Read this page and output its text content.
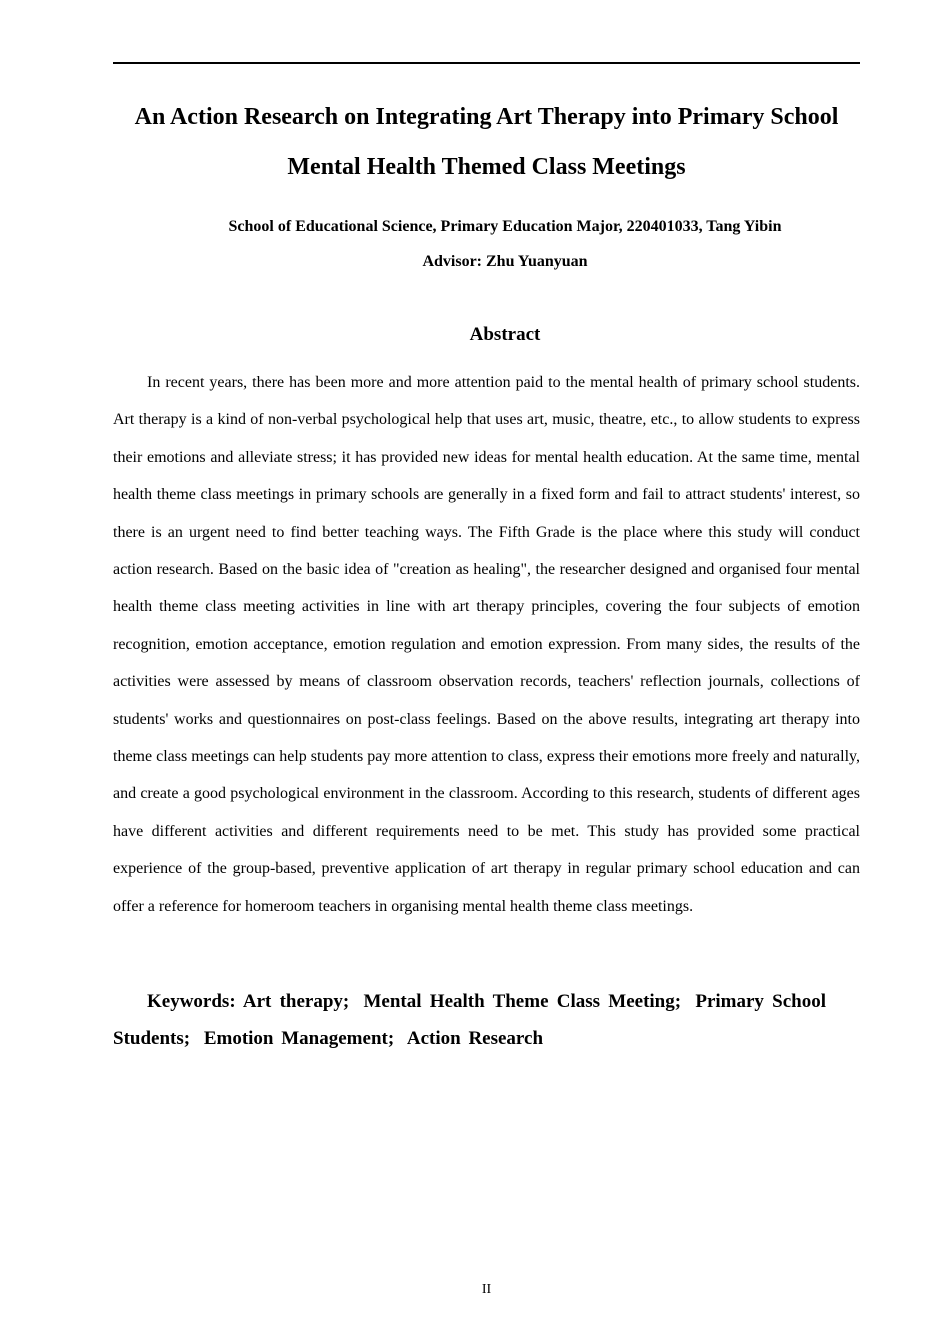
An Action Research on Integrating Art Therapy into Primary School
Mental Health Themed Class Meetings
School of Educational Science, Primary Education Major, 220401033, Tang Yibin
Advisor: Zhu Yuanyuan
Abstract

In recent years, there has been more and more attention paid to the mental health of primary school students. Art therapy is a kind of non-verbal psychological help that uses art, music, theatre, etc., to allow students to express their emotions and alleviate stress; it has provided new ideas for mental health education. At the same time, mental health theme class meetings in primary schools are generally in a fixed form and fail to attract students' interest, so there is an urgent need to find better teaching ways. The Fifth Grade is the place where this study will conduct action research. Based on the basic idea of "creation as healing", the researcher designed and organised four mental health theme class meeting activities in line with art therapy principles, covering the four subjects of emotion recognition, emotion acceptance, emotion regulation and emotion expression. From many sides, the results of the activities were assessed by means of classroom observation records, teachers' reflection journals, collections of students' works and questionnaires on post-class feelings. Based on the above results, integrating art therapy into theme class meetings can help students pay more attention to class, express their emotions more freely and naturally, and create a good psychological environment in the classroom. According to this research, students of different ages have different activities and different requirements need to be met. This study has provided some practical experience of the group-based, preventive application of art therapy in regular primary school education and can offer a reference for homeroom teachers in organising mental health theme class meetings.

Keywords: Art therapy; Mental Health Theme Class Meeting; Primary School Students; Emotion Management; Action Research

II
